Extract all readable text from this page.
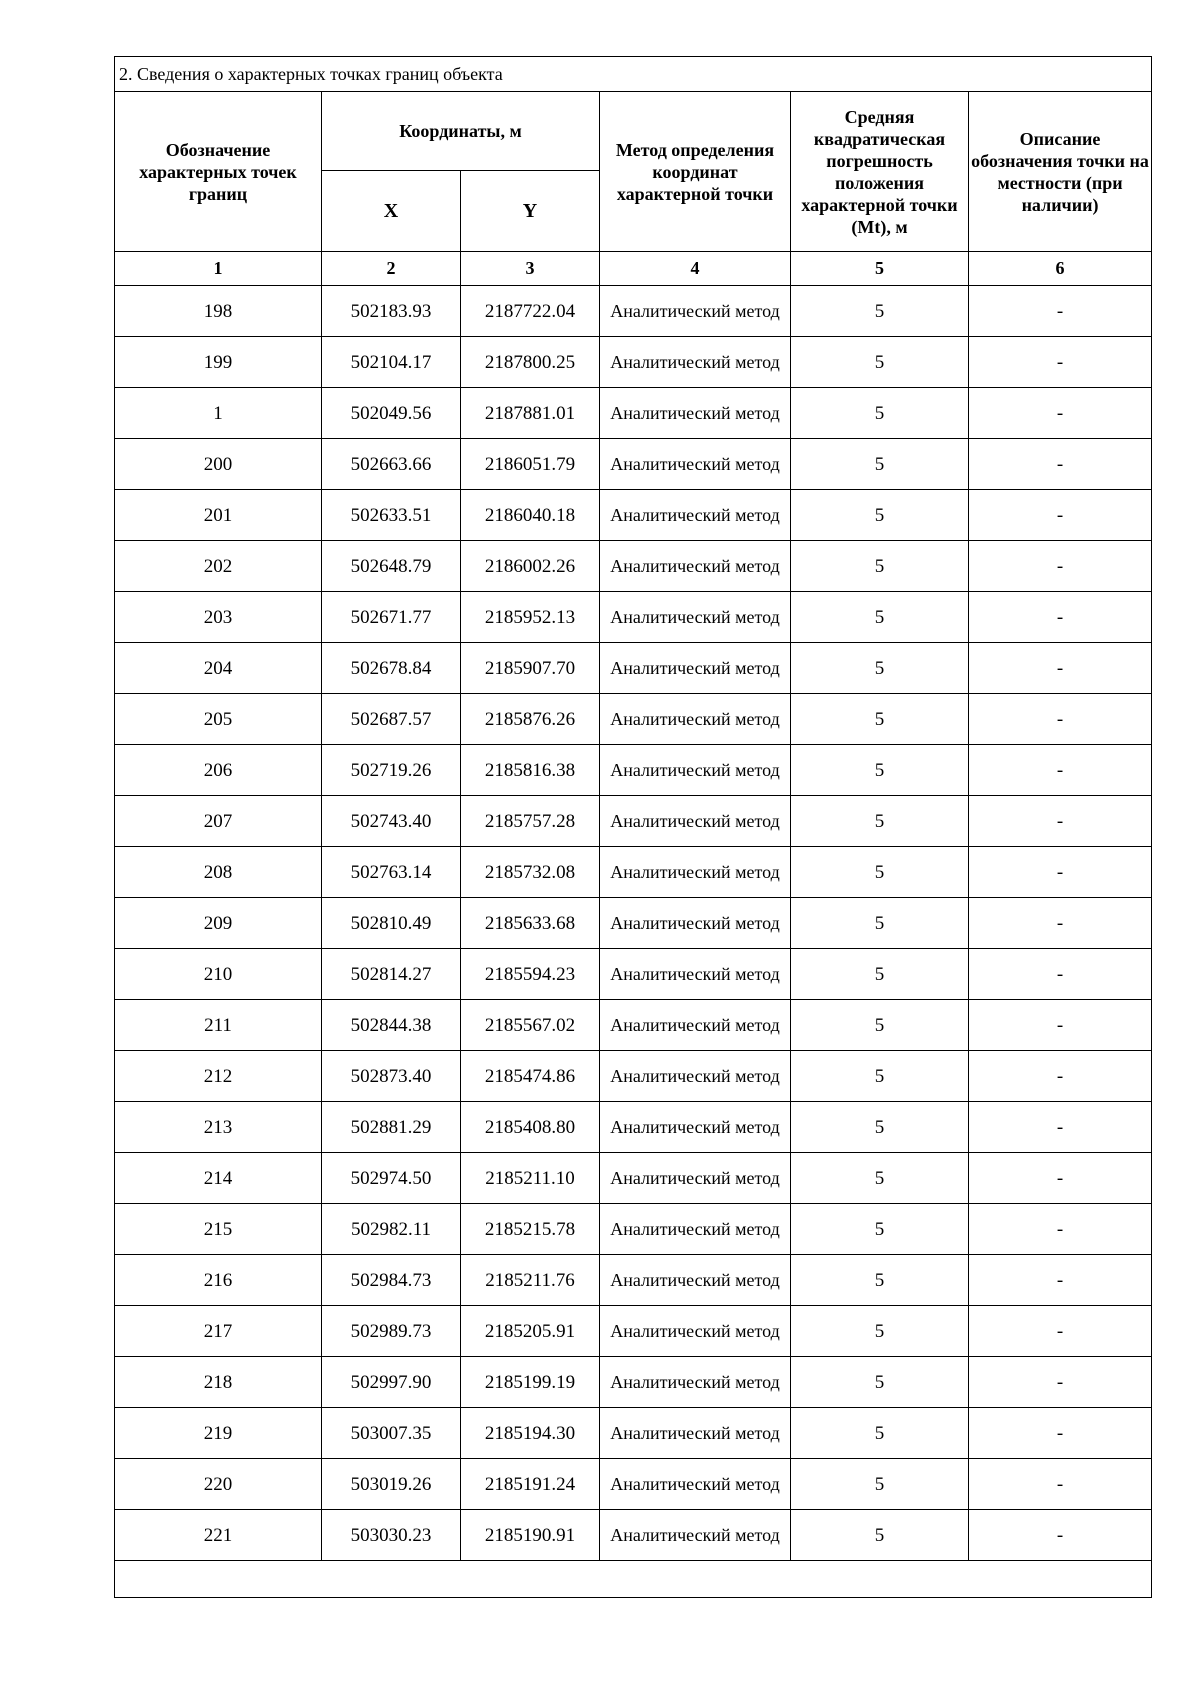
2. Сведения о характерных точках границ объекта					
Обозначение характерных точек границ	Координаты, м		Метод определения координат характерной точки	Средняя квадратическая погрешность положения характерной точки (Mt), м	Описание обозначения точки на местности (при наличии)
	X	Y			
1	2	3	4	5	6
198	502183.93	2187722.04	Аналитический метод	5	-
199	502104.17	2187800.25	Аналитический метод	5	-
1	502049.56	2187881.01	Аналитический метод	5	-
200	502663.66	2186051.79	Аналитический метод	5	-
201	502633.51	2186040.18	Аналитический метод	5	-
202	502648.79	2186002.26	Аналитический метод	5	-
203	502671.77	2185952.13	Аналитический метод	5	-
204	502678.84	2185907.70	Аналитический метод	5	-
205	502687.57	2185876.26	Аналитический метод	5	-
206	502719.26	2185816.38	Аналитический метод	5	-
207	502743.40	2185757.28	Аналитический метод	5	-
208	502763.14	2185732.08	Аналитический метод	5	-
209	502810.49	2185633.68	Аналитический метод	5	-
210	502814.27	2185594.23	Аналитический метод	5	-
211	502844.38	2185567.02	Аналитический метод	5	-
212	502873.40	2185474.86	Аналитический метод	5	-
213	502881.29	2185408.80	Аналитический метод	5	-
214	502974.50	2185211.10	Аналитический метод	5	-
215	502982.11	2185215.78	Аналитический метод	5	-
216	502984.73	2185211.76	Аналитический метод	5	-
217	502989.73	2185205.91	Аналитический метод	5	-
218	502997.90	2185199.19	Аналитический метод	5	-
219	503007.35	2185194.30	Аналитический метод	5	-
220	503019.26	2185191.24	Аналитический метод	5	-
221	503030.23	2185190.91	Аналитический метод	5	-
